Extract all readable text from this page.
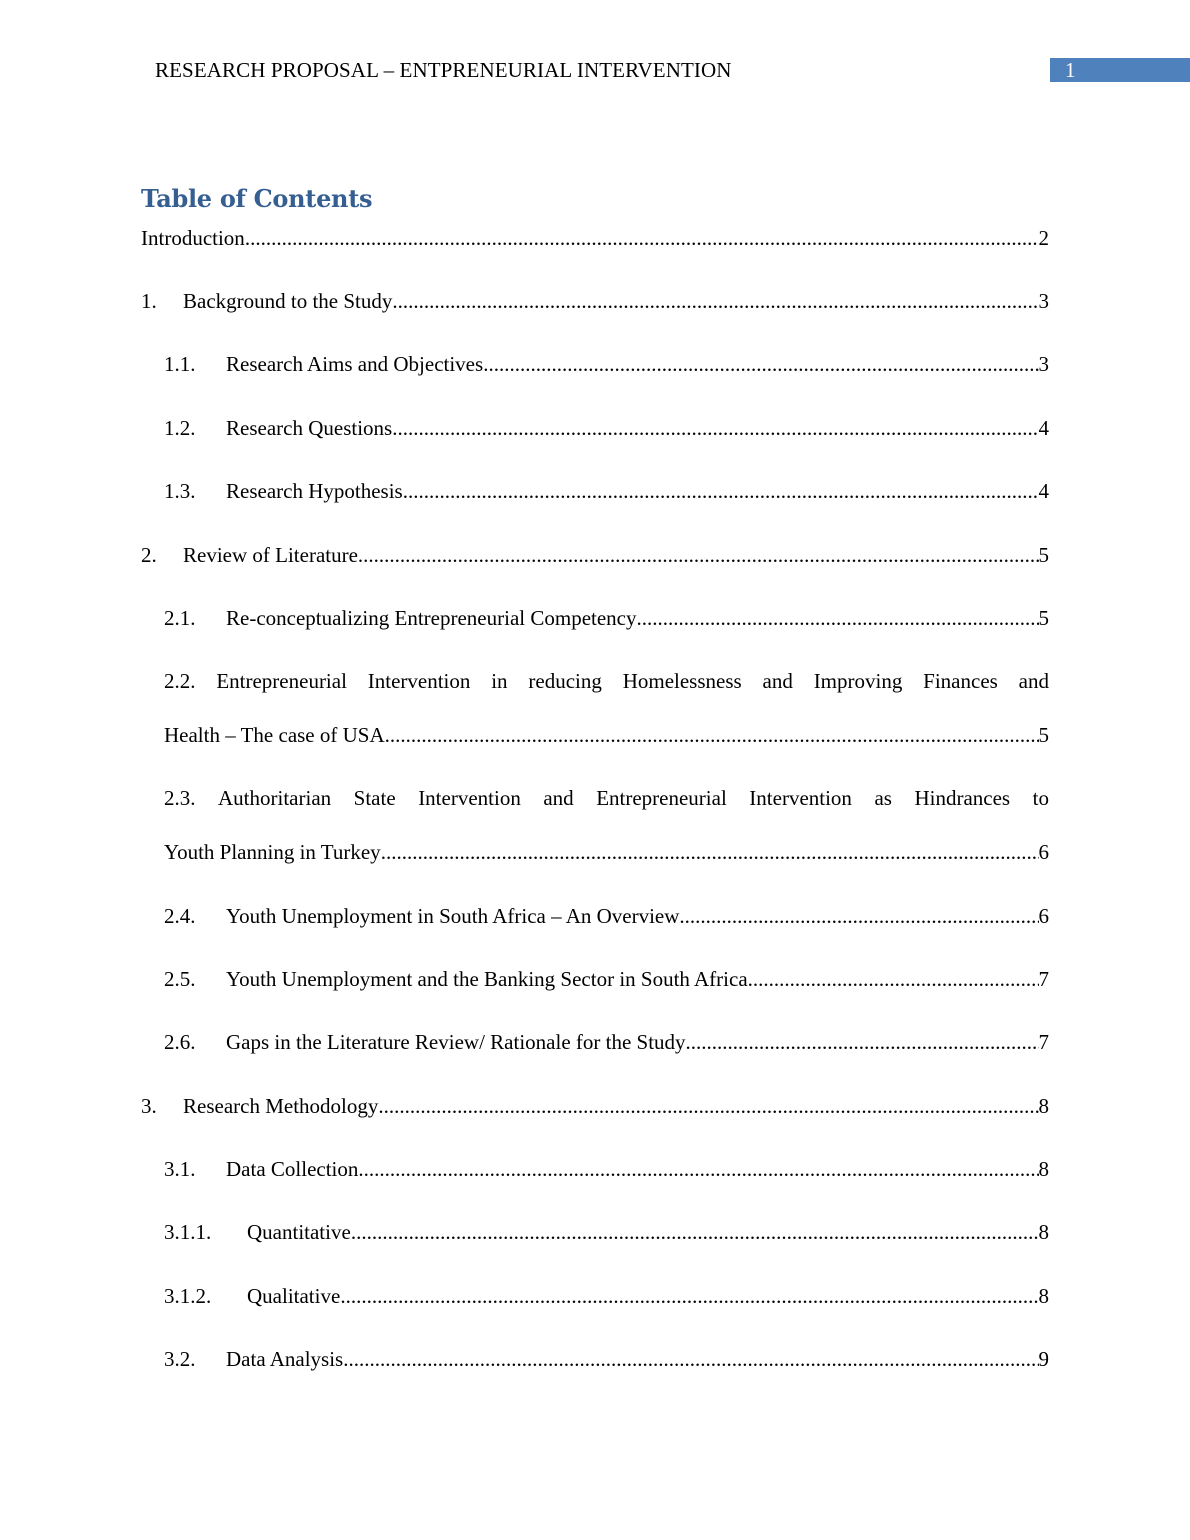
RESEARCH PROPOSAL – ENTPRENEURIAL INTERVENTION	1
Table of Contents
Introduction .....	2
1.	Background to the Study .....	3
1.1.	Research Aims and Objectives .....	3
1.2.	Research Questions .....	4
1.3.	Research Hypothesis .....	4
2.	Review of Literature .....	5
2.1.	Re-conceptualizing Entrepreneurial Competency .....	5
2.2. Entrepreneurial Intervention in reducing Homelessness and Improving Finances and
Health – The case of USA .....	5
2.3. Authoritarian State Intervention and Entrepreneurial Intervention as Hindrances to
Youth Planning in Turkey .....	6
2.4.	Youth Unemployment in South Africa – An Overview .....	6
2.5.	Youth Unemployment and the Banking Sector in South Africa .....	7
2.6.	Gaps in the Literature Review/ Rationale for the Study .....	7
3.	Research Methodology .....	8
3.1.	Data Collection .....	8
3.1.1.	Quantitative .....	8
3.1.2.	Qualitative .....	8
3.2.	Data Analysis .....	9
